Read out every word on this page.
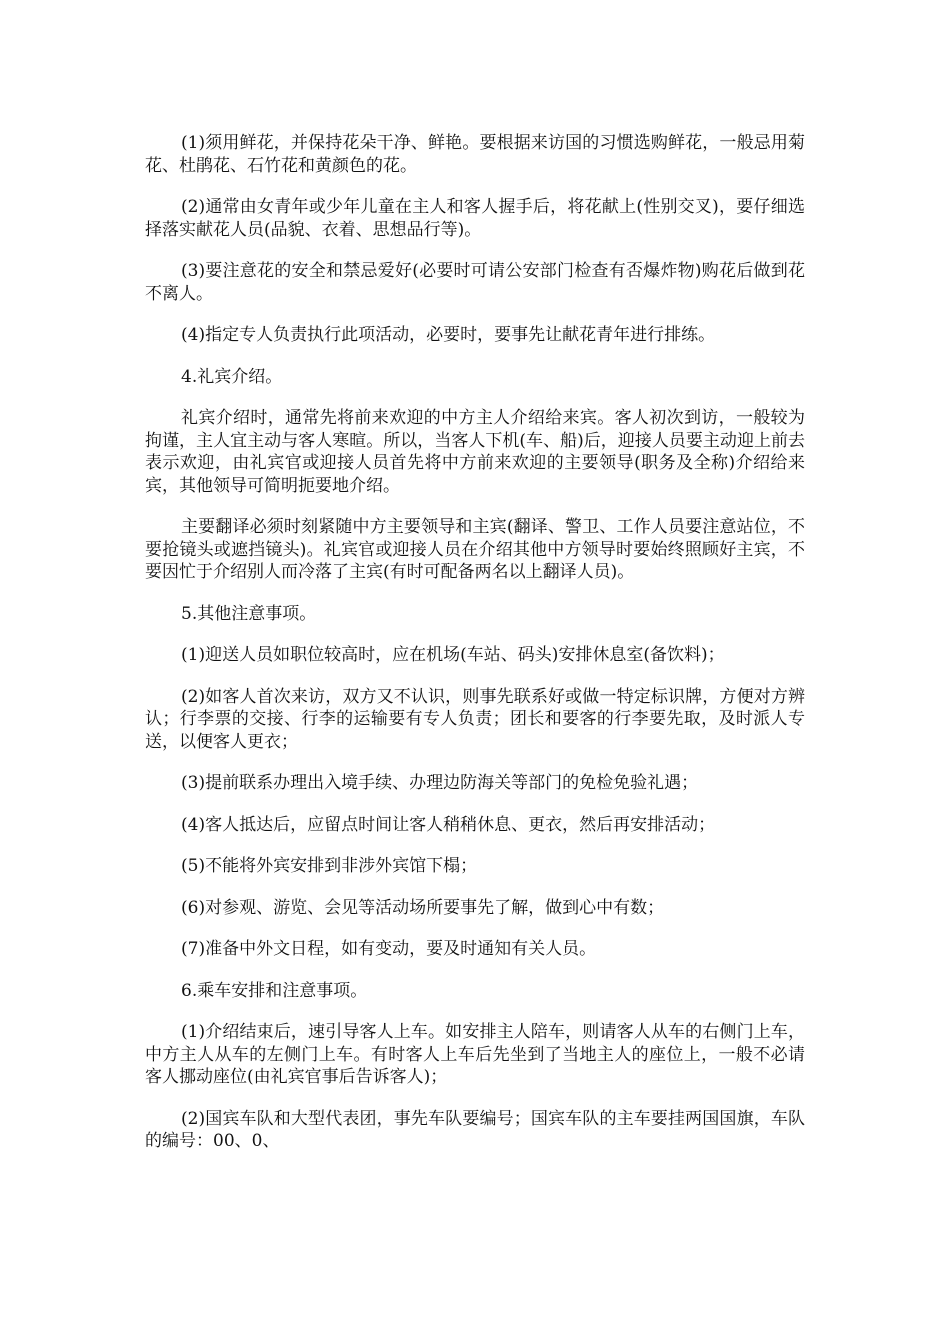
(1)须用鲜花，并保持花朵干净、鲜艳。要根据来访国的习惯选购鲜花，一般忌用菊花、杜鹃花、石竹花和黄颜色的花。

(2)通常由女青年或少年儿童在主人和客人握手后，将花献上(性别交叉)，要仔细选择落实献花人员(品貌、衣着、思想品行等)。

(3)要注意花的安全和禁忌爱好(必要时可请公安部门检查有否爆炸物)购花后做到花不离人。

(4)指定专人负责执行此项活动，必要时，要事先让献花青年进行排练。

4.礼宾介绍。

礼宾介绍时，通常先将前来欢迎的中方主人介绍给来宾。客人初次到访，一般较为拘谨，主人宜主动与客人寒暄。所以，当客人下机(车、船)后，迎接人员要主动迎上前去表示欢迎，由礼宾官或迎接人员首先将中方前来欢迎的主要领导(职务及全称)介绍给来宾，其他领导可简明扼要地介绍。

主要翻译必须时刻紧随中方主要领导和主宾(翻译、警卫、工作人员要注意站位，不要抢镜头或遮挡镜头)。礼宾官或迎接人员在介绍其他中方领导时要始终照顾好主宾，不要因忙于介绍别人而冷落了主宾(有时可配备两名以上翻译人员)。

5.其他注意事项。

(1)迎送人员如职位较高时，应在机场(车站、码头)安排休息室(备饮料)；

(2)如客人首次来访，双方又不认识，则事先联系好或做一特定标识牌，方便对方辨认；行李票的交接、行李的运输要有专人负责；团长和要客的行李要先取，及时派人专送，以便客人更衣；

(3)提前联系办理出入境手续、办理边防海关等部门的免检免验礼遇；

(4)客人抵达后，应留点时间让客人稍稍休息、更衣，然后再安排活动；

(5)不能将外宾安排到非涉外宾馆下榻；

(6)对参观、游览、会见等活动场所要事先了解，做到心中有数；

(7)准备中外文日程，如有变动，要及时通知有关人员。

6.乘车安排和注意事项。

(1)介绍结束后，速引导客人上车。如安排主人陪车，则请客人从车的右侧门上车，中方主人从车的左侧门上车。有时客人上车后先坐到了当地主人的座位上，一般不必请客人挪动座位(由礼宾官事后告诉客人)；

(2)国宾车队和大型代表团，事先车队要编号；国宾车队的主车要挂两国国旗，车队的编号：00、0、
